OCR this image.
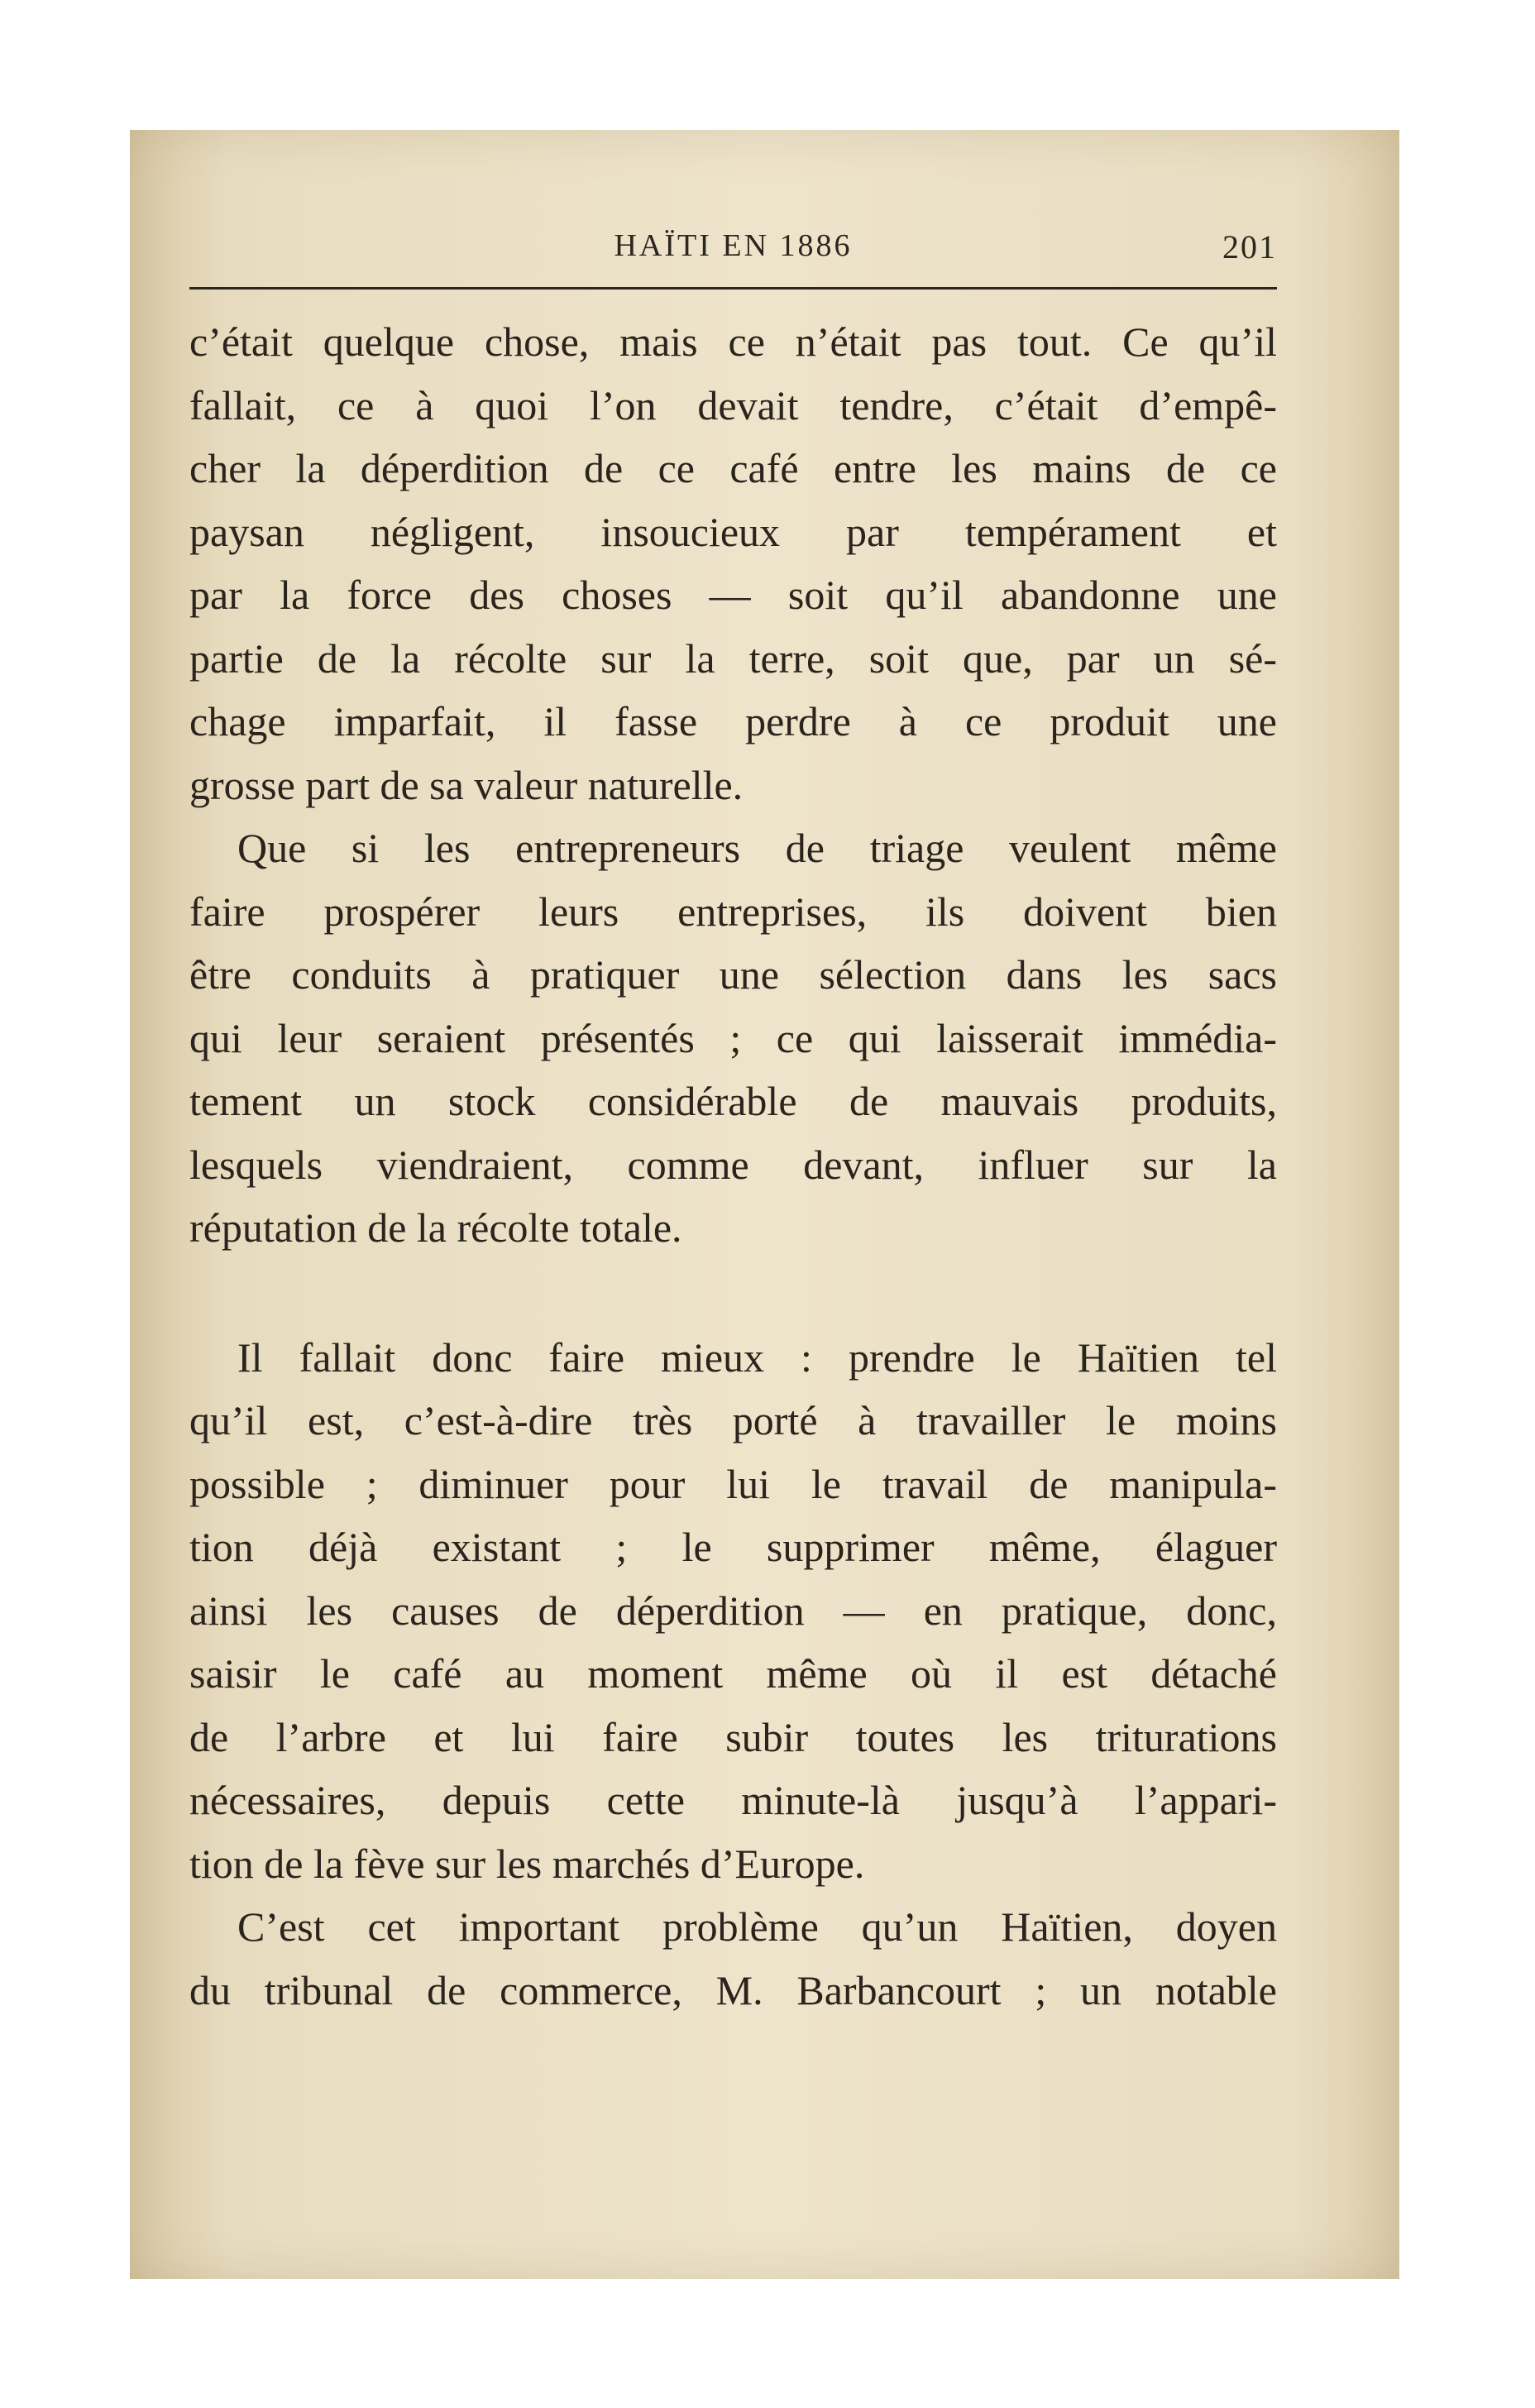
HAÏTI EN 1886	201
c’était quelque chose, mais ce n’était pas tout. Ce qu’il
fallait, ce à quoi l’on devait tendre, c’était d’empê-
cher la déperdition de ce café entre les mains de ce
paysan négligent, insoucieux par tempérament et
par la force des choses — soit qu’il abandonne une
partie de la récolte sur la terre, soit que, par un sé-
chage imparfait, il fasse perdre à ce produit une
grosse part de sa valeur naturelle.
Que si les entrepreneurs de triage veulent même
faire prospérer leurs entreprises, ils doivent bien
être conduits à pratiquer une sélection dans les sacs
qui leur seraient présentés ; ce qui laisserait immédia-
tement un stock considérable de mauvais produits,
lesquels viendraient, comme devant, influer sur la
réputation de la récolte totale.
Il fallait donc faire mieux : prendre le Haïtien tel
qu’il est, c’est-à-dire très porté à travailler le moins
possible ; diminuer pour lui le travail de manipula-
tion déjà existant ; le supprimer même, élaguer
ainsi les causes de déperdition — en pratique, donc,
saisir le café au moment même où il est détaché
de l’arbre et lui faire subir toutes les triturations
nécessaires, depuis cette minute-là jusqu’à l’appari-
tion de la fève sur les marchés d’Europe.
C’est cet important problème qu’un Haïtien, doyen
du tribunal de commerce, M. Barbancourt ; un notable
